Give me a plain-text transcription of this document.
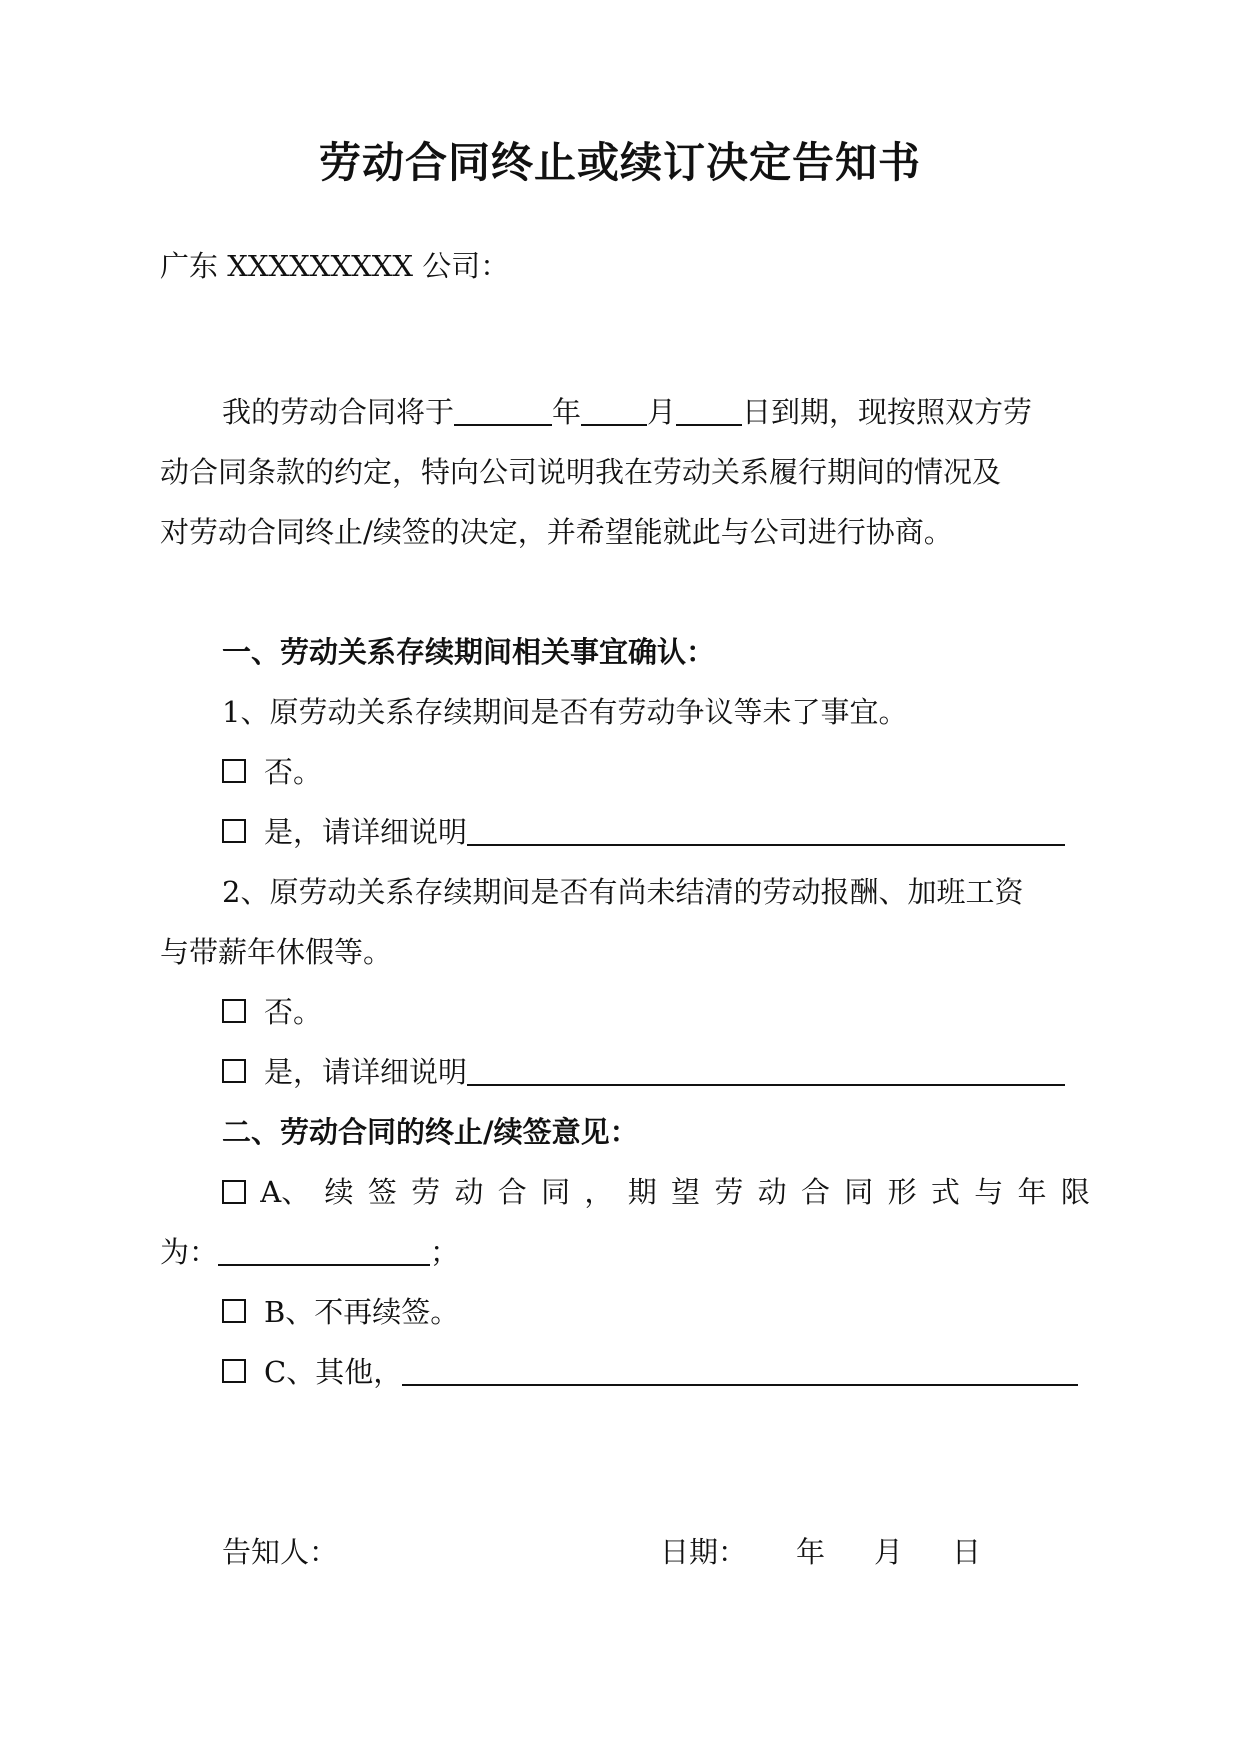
劳动合同终止或续订决定告知书
广东 XXXXXXXXX 公司：
我的劳动合同将于	年 月 日到期，现按照双方劳
动合同条款的约定，特向公司说明我在劳动关系履行期间的情况及
对劳动合同终止/续签的决定，并希望能就此与公司进行协商。
一、劳动关系存续期间相关事宜确认：
1、原劳动关系存续期间是否有劳动争议等未了事宜。
否。
是，请详细说明
2、原劳动关系存续期间是否有尚未结清的劳动报酬、加班工资
与带薪年休假等。
否。
是，请详细说明
二、劳动合同的终止/续签意见：
A、 续 签 劳 动 合 同 ， 期 望 劳 动 合 同 形 式 与 年 限
为：	；
B、不再续签。
C、其他，
告知人：	日期： 年 月 日
